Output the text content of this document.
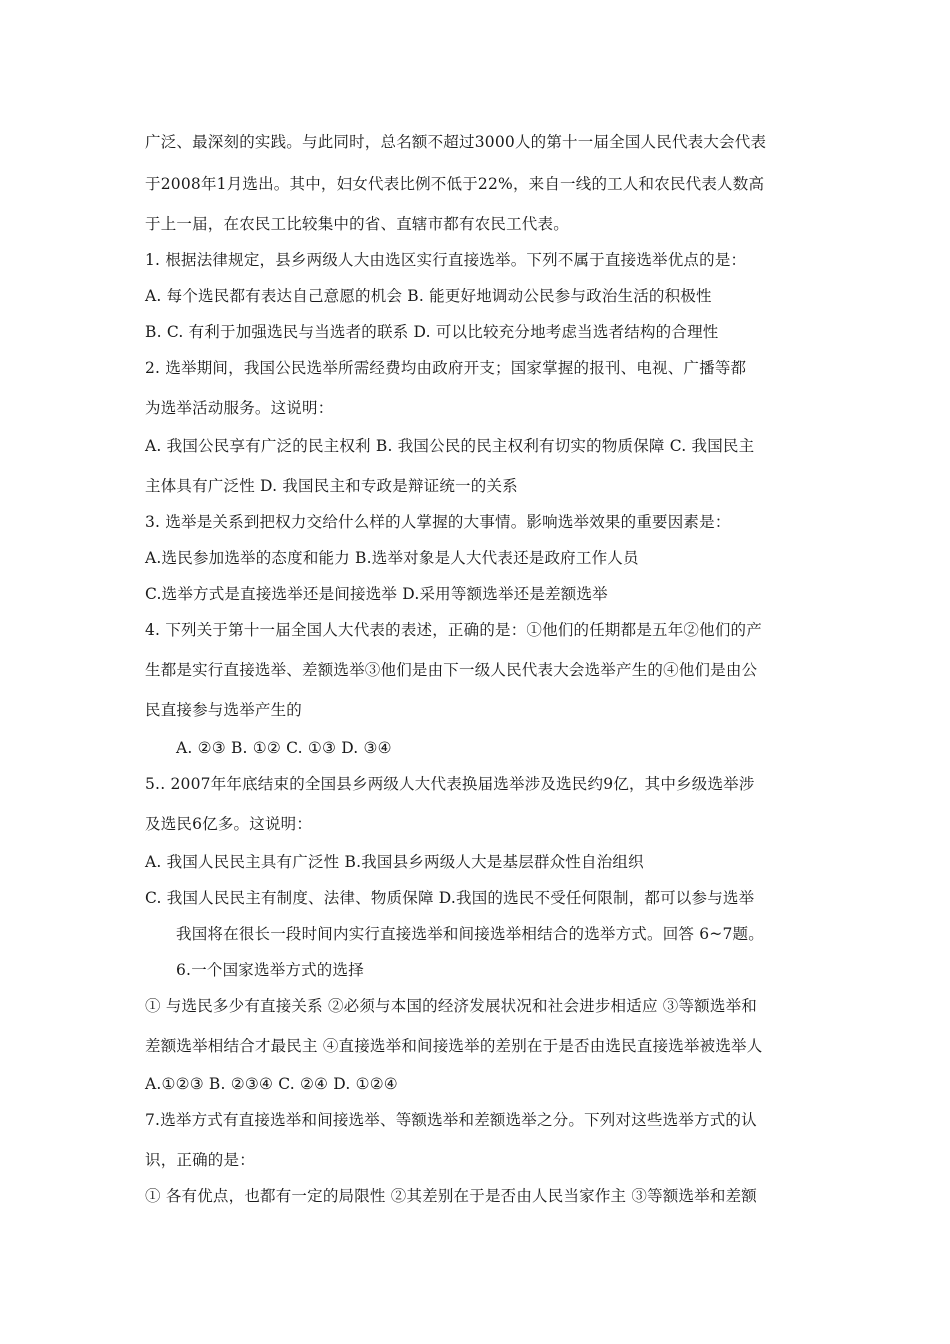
广泛、最深刻的实践。与此同时，总名额不超过3000人的第十一届全国人民代表大会代表
于2008年1月选出。其中，妇女代表比例不低于22%，来自一线的工人和农民代表人数高
于上一届，在农民工比较集中的省、直辖市都有农民工代表。
1. 根据法律规定，县乡两级人大由选区实行直接选举。下列不属于直接选举优点的是：
A. 每个选民都有表达自己意愿的机会 B. 能更好地调动公民参与政治生活的积极性
B. C. 有利于加强选民与当选者的联系 D. 可以比较充分地考虑当选者结构的合理性
2. 选举期间，我国公民选举所需经费均由政府开支；国家掌握的报刊、电视、广播等都
为选举活动服务。这说明：
A. 我国公民享有广泛的民主权利 B. 我国公民的民主权利有切实的物质保障 C. 我国民主
主体具有广泛性 D. 我国民主和专政是辩证统一的关系
3. 选举是关系到把权力交给什么样的人掌握的大事情。影响选举效果的重要因素是：
A.选民参加选举的态度和能力 B.选举对象是人大代表还是政府工作人员
C.选举方式是直接选举还是间接选举 D.采用等额选举还是差额选举
4. 下列关于第十一届全国人大代表的表述，正确的是：①他们的任期都是五年②他们的产
生都是实行直接选举、差额选举③他们是由下一级人民代表大会选举产生的④他们是由公
民直接参与选举产生的
A. ②③ B. ①② C. ①③ D. ③④
5.. 2007年年底结束的全国县乡两级人大代表换届选举涉及选民约9亿，其中乡级选举涉
及选民6亿多。这说明：
A. 我国人民民主具有广泛性 B.我国县乡两级人大是基层群众性自治组织
C. 我国人民民主有制度、法律、物质保障 D.我国的选民不受任何限制，都可以参与选举
我国将在很长一段时间内实行直接选举和间接选举相结合的选举方式。回答 6~7题。
6.一个国家选举方式的选择
① 与选民多少有直接关系 ②必须与本国的经济发展状况和社会进步相适应 ③等额选举和
差额选举相结合才最民主 ④直接选举和间接选举的差别在于是否由选民直接选举被选举人
A.①②③ B. ②③④ C. ②④ D. ①②④
7.选举方式有直接选举和间接选举、等额选举和差额选举之分。下列对这些选举方式的认
识，正确的是：
① 各有优点，也都有一定的局限性 ②其差别在于是否由人民当家作主 ③等额选举和差额
